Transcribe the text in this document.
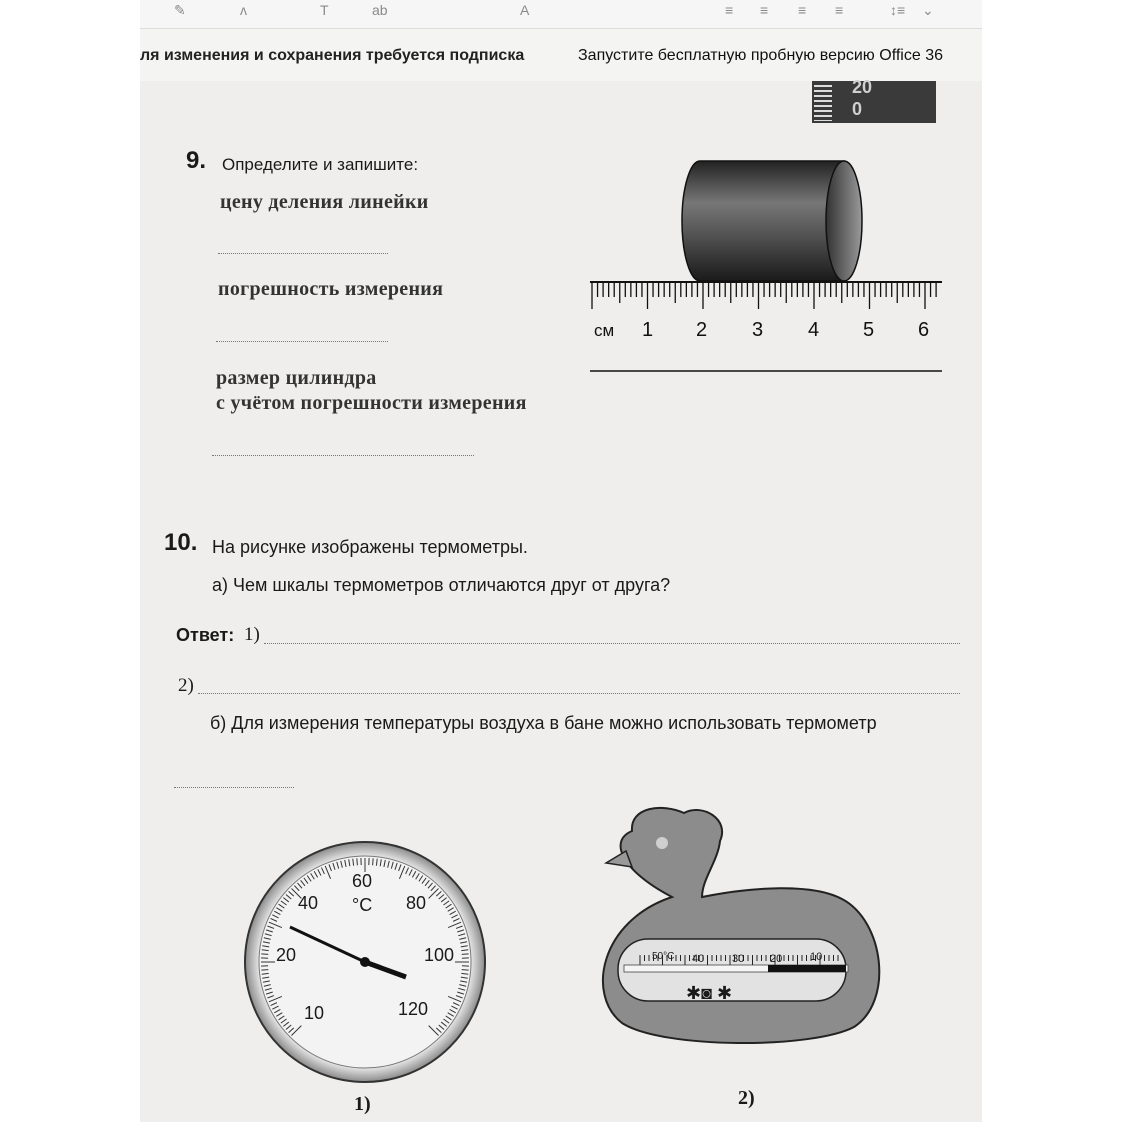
✎	ʌ	T	ab	A	≡ ≡ ≡ ≡	↕≡ ⌄
ля изменения и сохранения требуется подписка	Запустите бесплатную пробную версию Office 36
20
0
9. Определите и запишите:
цену деления линейки
погрешность измерения
размер цилиндра
с учётом погрешности измерения
см 1 2 3 4 5 6
10. На рисунке изображены термометры.
а) Чем шкалы термометров отличаются друг от друга?
Ответ: 1)
2)
б) Для измерения температуры воздуха в бане можно использовать термометр
60
°C
40	80
20	100
10	120
50°C 40	30 20	10
✱◙ ✱
1)	2)
